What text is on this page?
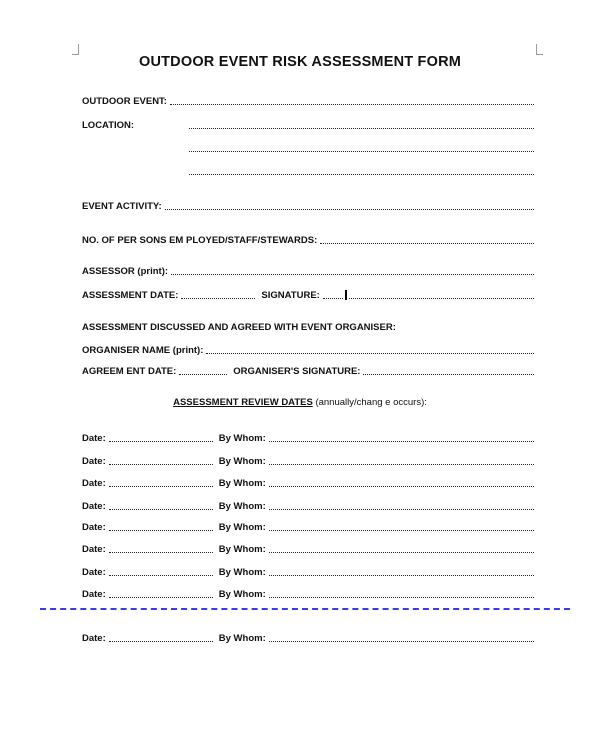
OUTDOOR EVENT RISK ASSESSMENT FORM
OUTDOOR EVENT:
LOCATION:
EVENT ACTIVITY:
NO. OF PER SONS EM PLOYED/STAFF/STEWARDS:
ASSESSOR (print):
ASSESSMENT DATE:	SIGNATURE:
ASSESSMENT DISCUSSED AND AGREED WITH EVENT ORGANISER:
ORGANISER NAME (print):
AGREEM ENT DATE:	ORGANISER'S SIGNATURE:
ASSESSMENT REVIEW DATES (annually/chang e occurs):
Date:	By Whom:
Date:	By Whom:
Date:	By Whom:
Date:	By Whom:
Date:	By Whom:
Date:	By Whom:
Date:	By Whom:
Date:	By Whom:
Date:	By Whom:
